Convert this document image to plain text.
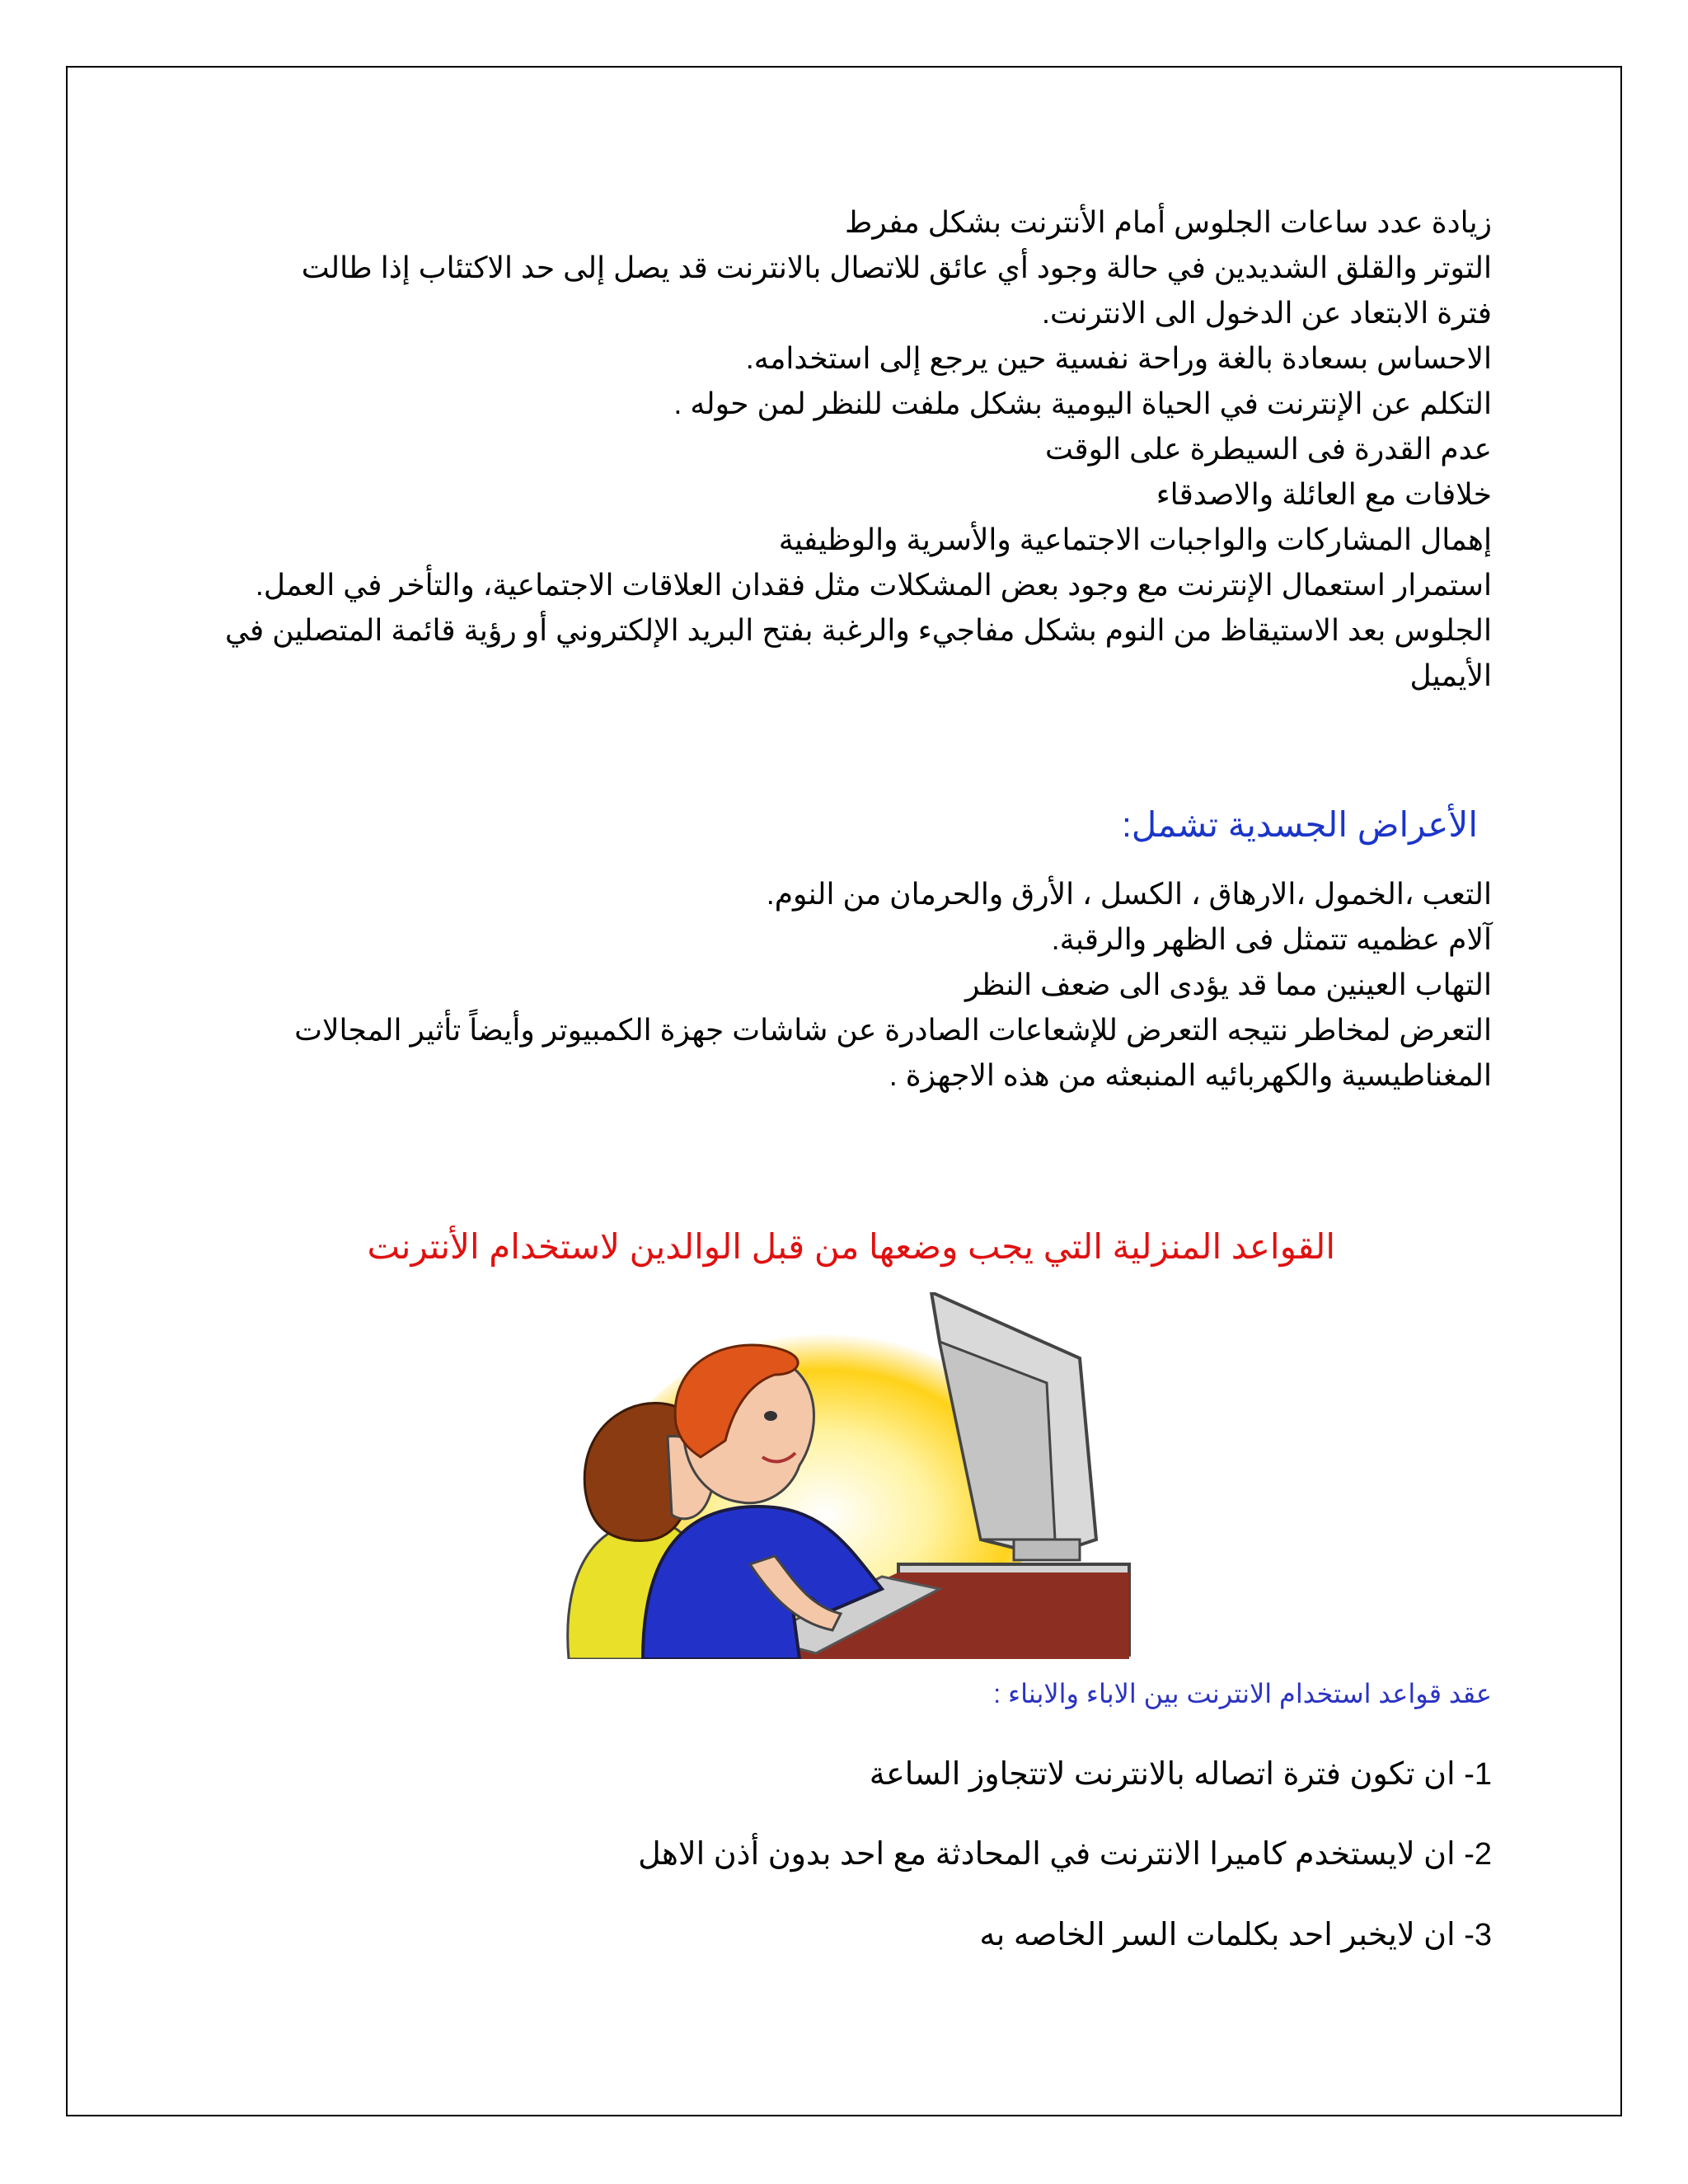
زيادة عدد ساعات الجلوس أمام الأنترنت بشكل مفرط
التوتر والقلق الشديدين في حالة وجود أي عائق للاتصال بالانترنت قد يصل إلى حد الاكتئاب إذا طالت
فترة الابتعاد عن الدخول الى الانترنت.
الاحساس بسعادة بالغة وراحة نفسية حين يرجع إلى استخدامه.
التكلم عن الإنترنت في الحياة اليومية بشكل ملفت للنظر لمن حوله .
عدم القدرة فى السيطرة على الوقت
خلافات مع العائلة والاصدقاء
إهمال المشاركات والواجبات الاجتماعية والأسرية والوظيفية
استمرار استعمال الإنترنت مع وجود بعض المشكلات مثل فقدان العلاقات الاجتماعية، والتأخر في العمل.
الجلوس بعد الاستيقاظ من النوم بشكل مفاجيء والرغبة بفتح البريد الإلكتروني أو رؤية قائمة المتصلين في
الأيميل
الأعراض الجسدية تشمل:
التعب ،الخمول ،الارهاق ، الكسل ، الأرق والحرمان من النوم.
آلام عظميه تتمثل فى الظهر والرقبة.
التهاب العينين مما قد يؤدى الى ضعف النظر
التعرض لمخاطر نتيجه التعرض للإشعاعات الصادرة عن شاشات جهزة الكمبيوتر وأيضاً تأثير المجالات
المغناطيسية والكهربائيه المنبعثه من هذه الاجهزة .
القواعد المنزلية التي يجب وضعها من قبل الوالدين لاستخدام الأنترنت
عقد قواعد استخدام الانترنت بين الاباء والابناء :
1- ان تكون فترة اتصاله بالانترنت لاتتجاوز الساعة
2- ان لايستخدم كاميرا الانترنت في المحادثة مع احد بدون أذن الاهل
3- ان لايخبر احد بكلمات السر الخاصه به
